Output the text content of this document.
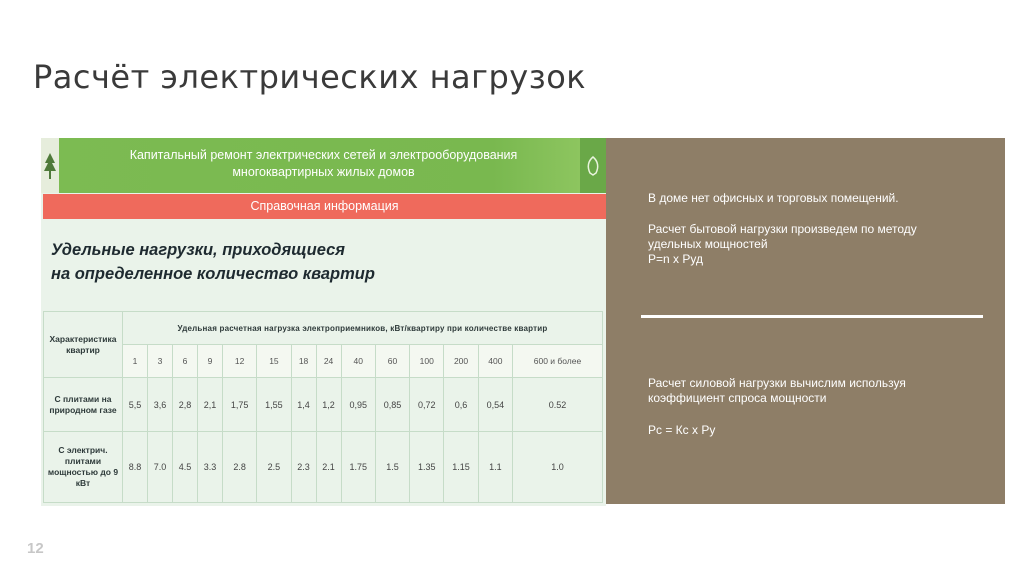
Расчёт электрических нагрузок
Капитальный ремонт электрических сетей и электрооборудования
многоквартирных жилых домов
Справочная информация
Удельные нагрузки, приходящиеся
на определенное количество квартир
Характеристика квартир	Удельная расчетная нагрузка электроприемников, кВт/квартиру при количестве квартир													
	1	3	6	9	12	15	18	24	40	60	100	200	400	600 и более
С плитами на природном газе	5,5	3,6	2,8	2,1	1,75	1,55	1,4	1,2	0,95	0,85	0,72	0,6	0,54	0.52
С электрич. плитами мощностью до 9 кВт	8.8	7.0	4.5	3.3	2.8	2.5	2.3	2.1	1.75	1.5	1.35	1.15	1.1	1.0

В доме нет офисных и торговых помещений.

Расчет бытовой нагрузки произведем по методу
удельных мощностей
Р=n х Руд
Расчет силовой нагрузки вычислим используя
коэффициент спроса мощности

Рс = Кс х Ру

12
